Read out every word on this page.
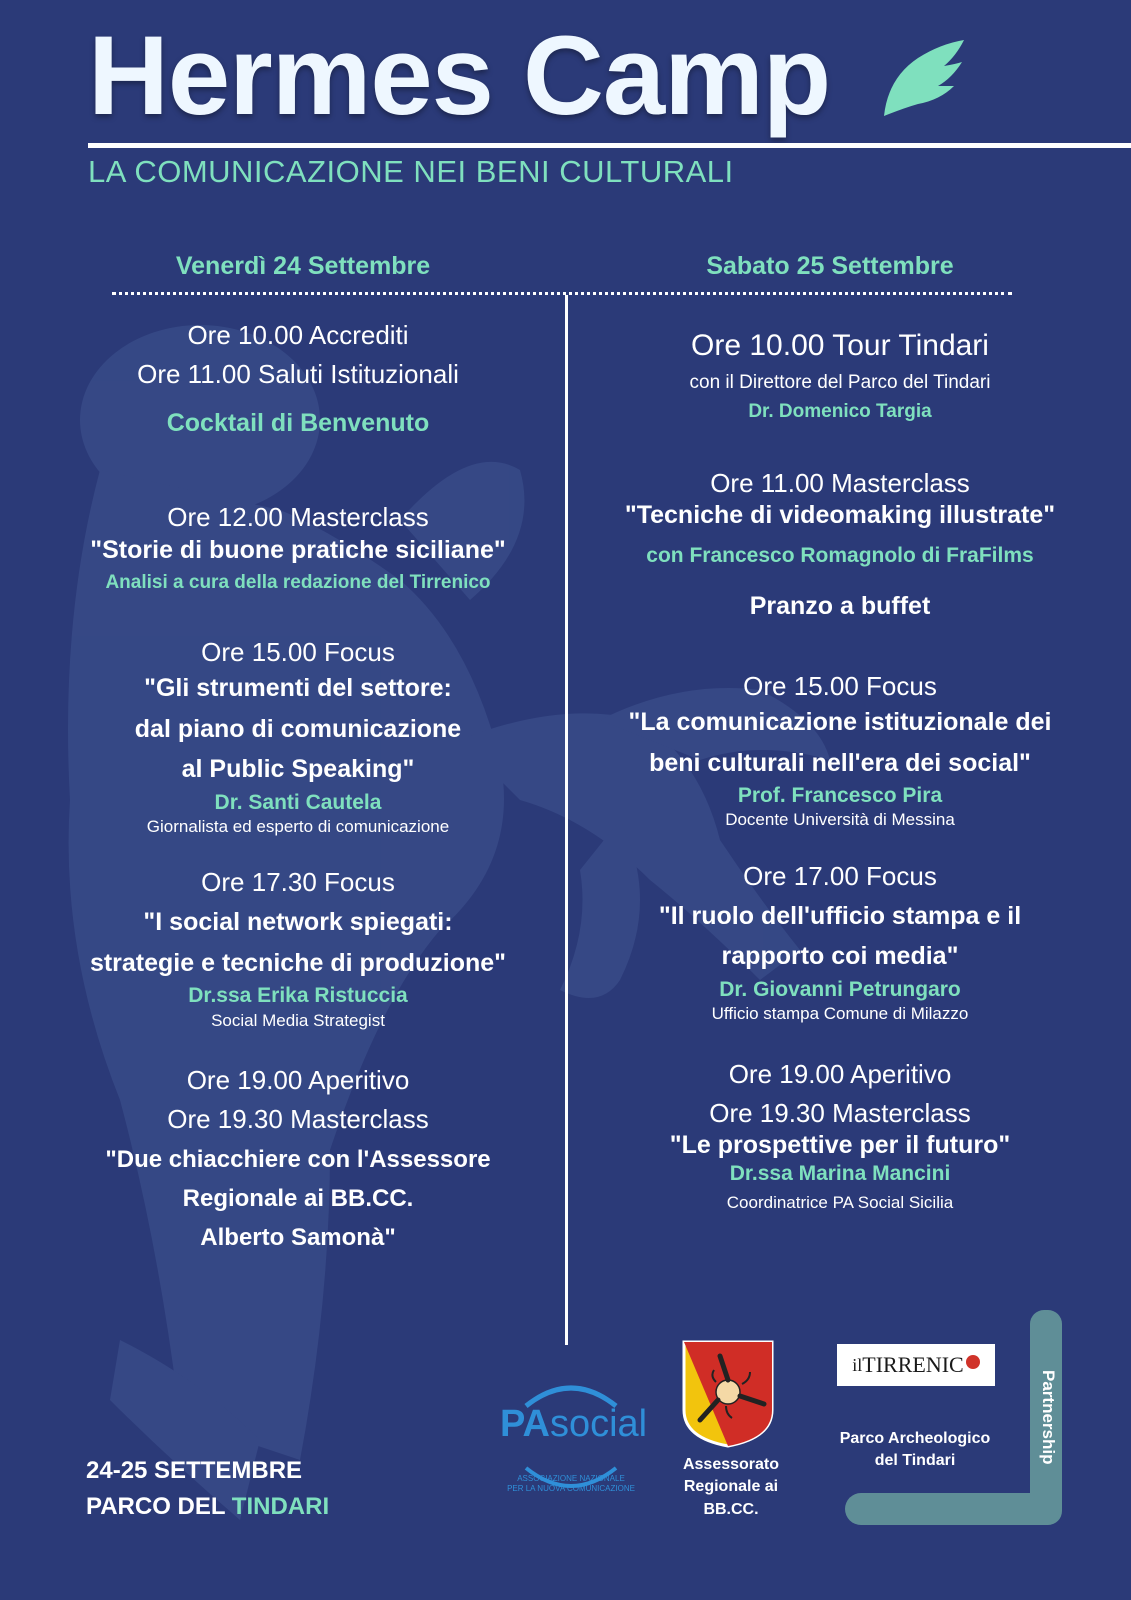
Hermes Camp
LA COMUNICAZIONE NEI BENI CULTURALI
Venerdì 24 Settembre	Sabato 25 Settembre
Ore 10.00 Accrediti
Ore 11.00 Saluti Istituzionali
Cocktail di Benvenuto
Ore 12.00 Masterclass
"Storie di buone pratiche siciliane"
Analisi a cura della redazione del Tirrenico
Ore 15.00 Focus
"Gli strumenti del settore:
dal piano di comunicazione
al Public Speaking"
Dr. Santi Cautela
Giornalista ed esperto di comunicazione
Ore 17.30 Focus
"I social network spiegati:
strategie e tecniche di produzione"
Dr.ssa Erika Ristuccia
Social Media Strategist
Ore 19.00 Aperitivo
Ore 19.30 Masterclass
"Due chiacchiere con l'Assessore
Regionale ai BB.CC.
Alberto Samonà"
Ore 10.00 Tour Tindari
con il Direttore del Parco del Tindari
Dr. Domenico Targia
Ore 11.00 Masterclass
"Tecniche di videomaking illustrate"
con Francesco Romagnolo di FraFilms
Pranzo a buffet
Ore 15.00 Focus
"La comunicazione istituzionale dei
beni culturali nell'era dei social"
Prof. Francesco Pira
Docente Università di Messina
Ore 17.00 Focus
"Il ruolo dell'ufficio stampa e il
rapporto coi media"
Dr. Giovanni Petrungaro
Ufficio stampa Comune di Milazzo
Ore 19.00 Aperitivo
Ore 19.30 Masterclass
"Le prospettive per il futuro"
Dr.ssa Marina Mancini
Coordinatrice PA Social Sicilia
24-25 SETTEMBRE
PARCO DEL TINDARI
PAsocial
ASSOCIAZIONE NAZIONALE
PER LA NUOVA COMUNICAZIONE
Assessorato
Regionale ai BB.CC.
il TIRRENIC
Parco Archeologico
del Tindari	Partnership
